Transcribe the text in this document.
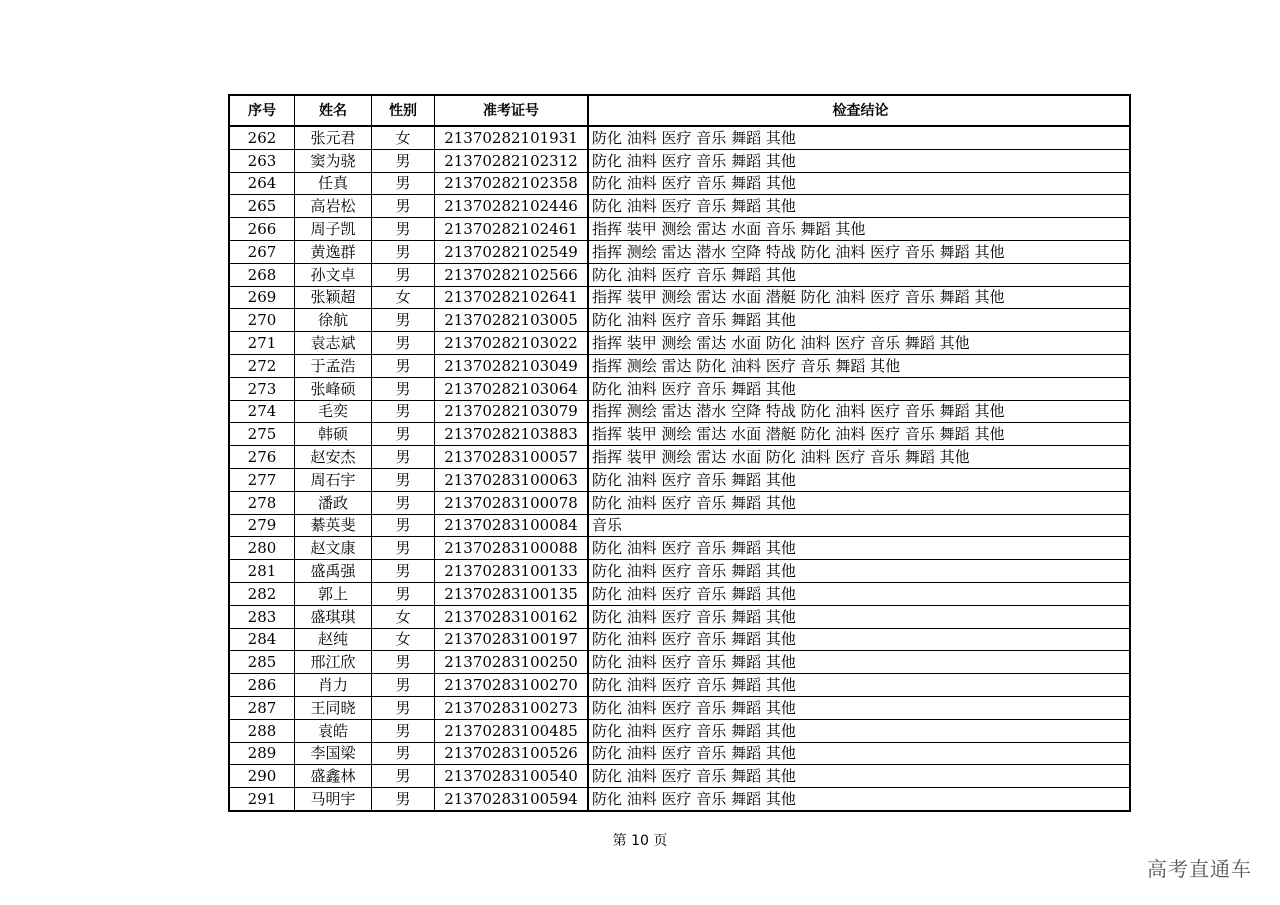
序号	姓名	性别	准考证号	检查结论
262	张元君	女	21370282101931	防化 油料 医疗 音乐 舞蹈 其他
263	窦为骁	男	21370282102312	防化 油料 医疗 音乐 舞蹈 其他
264	任真	男	21370282102358	防化 油料 医疗 音乐 舞蹈 其他
265	高岩松	男	21370282102446	防化 油料 医疗 音乐 舞蹈 其他
266	周子凯	男	21370282102461	指挥 装甲 测绘 雷达 水面 音乐 舞蹈 其他
267	黄逸群	男	21370282102549	指挥 测绘 雷达 潜水 空降 特战 防化 油料 医疗 音乐 舞蹈 其他
268	孙文卓	男	21370282102566	防化 油料 医疗 音乐 舞蹈 其他
269	张颖超	女	21370282102641	指挥 装甲 测绘 雷达 水面 潜艇 防化 油料 医疗 音乐 舞蹈 其他
270	徐航	男	21370282103005	防化 油料 医疗 音乐 舞蹈 其他
271	袁志斌	男	21370282103022	指挥 装甲 测绘 雷达 水面 防化 油料 医疗 音乐 舞蹈 其他
272	于孟浩	男	21370282103049	指挥 测绘 雷达 防化 油料 医疗 音乐 舞蹈 其他
273	张峰硕	男	21370282103064	防化 油料 医疗 音乐 舞蹈 其他
274	毛奕	男	21370282103079	指挥 测绘 雷达 潜水 空降 特战 防化 油料 医疗 音乐 舞蹈 其他
275	韩硕	男	21370282103883	指挥 装甲 测绘 雷达 水面 潜艇 防化 油料 医疗 音乐 舞蹈 其他
276	赵安杰	男	21370283100057	指挥 装甲 测绘 雷达 水面 防化 油料 医疗 音乐 舞蹈 其他
277	周石宇	男	21370283100063	防化 油料 医疗 音乐 舞蹈 其他
278	潘政	男	21370283100078	防化 油料 医疗 音乐 舞蹈 其他
279	綦英斐	男	21370283100084	音乐
280	赵文康	男	21370283100088	防化 油料 医疗 音乐 舞蹈 其他
281	盛禹强	男	21370283100133	防化 油料 医疗 音乐 舞蹈 其他
282	郭上	男	21370283100135	防化 油料 医疗 音乐 舞蹈 其他
283	盛琪琪	女	21370283100162	防化 油料 医疗 音乐 舞蹈 其他
284	赵纯	女	21370283100197	防化 油料 医疗 音乐 舞蹈 其他
285	邢江欣	男	21370283100250	防化 油料 医疗 音乐 舞蹈 其他
286	肖力	男	21370283100270	防化 油料 医疗 音乐 舞蹈 其他
287	王同晓	男	21370283100273	防化 油料 医疗 音乐 舞蹈 其他
288	袁皓	男	21370283100485	防化 油料 医疗 音乐 舞蹈 其他
289	李国梁	男	21370283100526	防化 油料 医疗 音乐 舞蹈 其他
290	盛鑫林	男	21370283100540	防化 油料 医疗 音乐 舞蹈 其他
291	马明宇	男	21370283100594	防化 油料 医疗 音乐 舞蹈 其他
第 10 页
高考直通车
